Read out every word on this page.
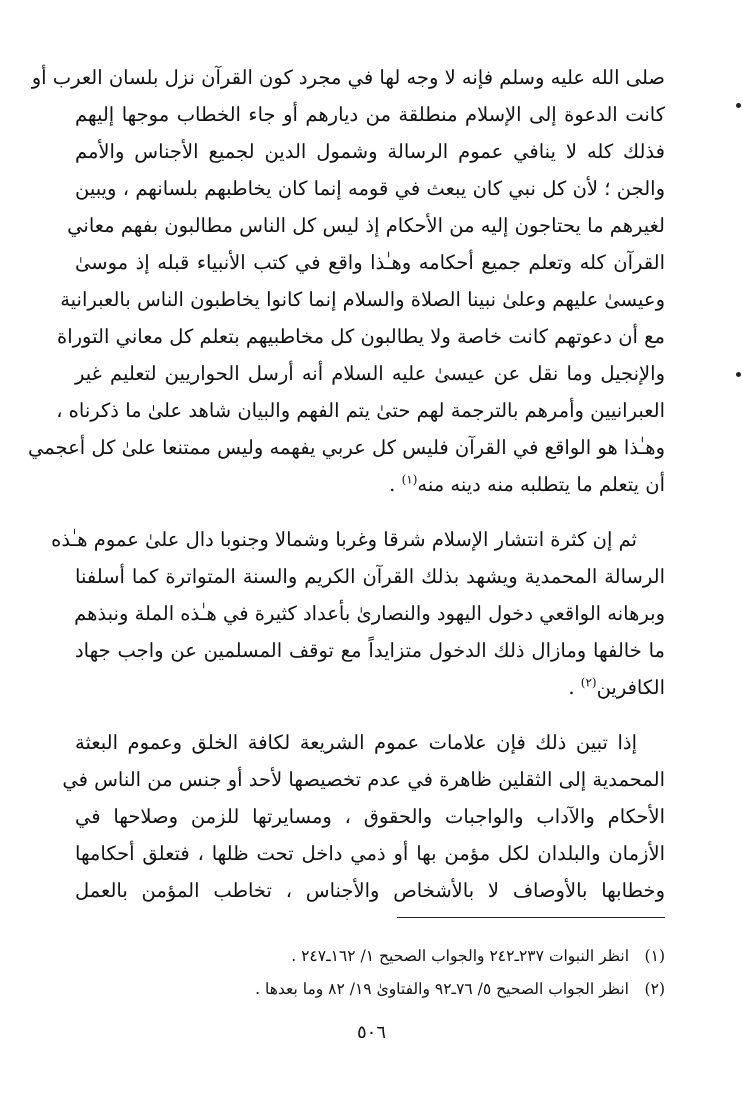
صلى الله عليه وسلم فإنه لا وجه لها في مجرد كون القرآن نزل بلسان العرب أو
كانت الدعوة إلى الإسلام منطلقة من ديارهم أو جاء الخطاب موجها إليهم
فذلك كله لا ينافي عموم الرسالة وشمول الدين لجميع الأجناس والأمم
والجن ؛ لأن كل نبي كان يبعث في قومه إنما كان يخاطبهم بلسانهم ، ويبين
لغيرهم ما يحتاجون إليه من الأحكام إذ ليس كل الناس مطالبون بفهم معاني
القرآن كله وتعلم جميع أحكامه وهـٰذا واقع في كتب الأنبياء قبله إذ موسىٰ
وعيسىٰ عليهم وعلىٰ نبينا الصلاة والسلام إنما كانوا يخاطبون الناس بالعبرانية
مع أن دعوتهم كانت خاصة ولا يطالبون كل مخاطبيهم بتعلم كل معاني التوراة
والإنجيل وما نقل عن عيسىٰ عليه السلام أنه أرسل الحواريين لتعليم غير
العبرانيين وأمرهم بالترجمة لهم حتىٰ يتم الفهم والبيان شاهد علىٰ ما ذكرناه ،
وهـٰذا هو الواقع في القرآن فليس كل عربي يفهمه وليس ممتنعا علىٰ كل أعجمي
أن يتعلم ما يتطلبه منه دينه منه$^{(١)}$ .
ثم إن كثرة انتشار الإسلام شرقا وغربا وشمالا وجنوبا دال علىٰ عموم هـٰذه
الرسالة المحمدية ويشهد بذلك القرآن الكريم والسنة المتواترة كما أسلفنا
وبرهانه الواقعي دخول اليهود والنصارىٰ بأعداد كثيرة في هـٰذه الملة ونبذهم
ما خالفها ومازال ذلك الدخول متزايداً مع توقف المسلمين عن واجب جهاد
الكافرين$^{(٢)}$ .
إذا تبين ذلك فإن علامات عموم الشريعة لكافة الخلق وعموم البعثة
المحمدية إلى الثقلين ظاهرة في عدم تخصيصها لأحد أو جنس من الناس في
الأحكام والآداب والواجبات والحقوق ، ومسايرتها للزمن وصلاحها في
الأزمان والبلدان لكل مؤمن بها أو ذمي داخل تحت ظلها ، فتعلق أحكامها
وخطابها بالأوصاف لا بالأشخاص والأجناس ، تخاطب المؤمن بالعمل
(١)انظر النبوات ٢٣٧ـ٢٤٢ والجواب الصحيح ١/ ١٦٢ـ٢٤٧ .
(٢)انظر الجواب الصحيح ٥/ ٧٦ـ٩٢ والفتاوىٰ ١٩/ ٨٢ وما بعدها .
٥٠٦
